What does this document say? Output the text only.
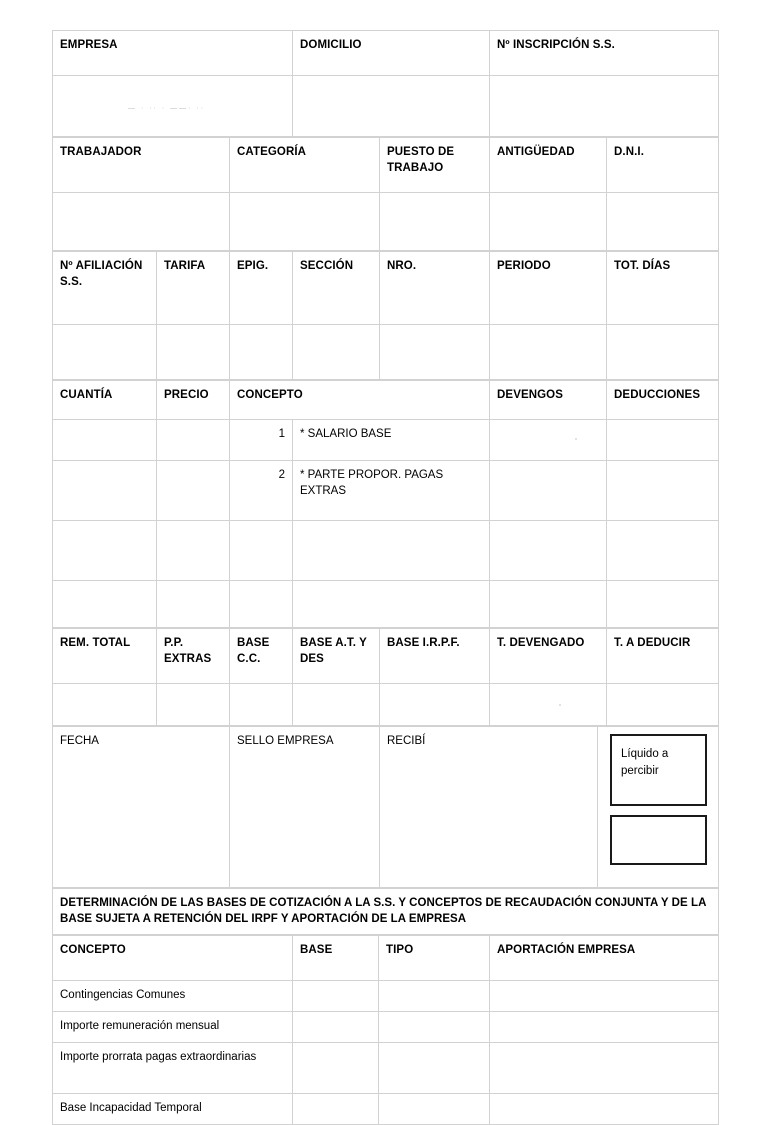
EMPRESA	DOMICILIO	Nº INSCRIPCIÓN S.S.

— · ·· · ——· ··		

TRABAJADOR	CATEGORÍA	PUESTO DE TRABAJO	ANTIGÜEDAD	D.N.I.

Nº AFILIACIÓN S.S.	TARIFA	EPIG.	SECCIÓN	NRO.	PERIODO	TOT. DÍAS

CUANTÍA	PRECIO	CONCEPTO		DEVENGOS	DEDUCCIONES
		1	* SALARIO BASE	

		2	* PARTE PROPOR. PAGAS EXTRAS		

REM. TOTAL	P.P. EXTRAS	BASE C.C.	BASE A.T. Y DES	BASE I.R.P.F.	T. DEVENGADO	T. A DEDUCIR

FECHA	SELLO EMPRESA	RECIBÍ	
Líquido a percibir
DETERMINACIÓN DE LAS BASES DE COTIZACIÓN A LA S.S. Y CONCEPTOS DE RECAUDACIÓN CONJUNTA Y DE LA BASE SUJETA A RETENCIÓN DEL IRPF Y APORTACIÓN DE LA EMPRESA
CONCEPTO	BASE	TIPO	APORTACIÓN EMPRESA
Contingencias Comunes			
Importe remuneración mensual			
Importe prorrata pagas extraordinarias			
Base Incapacidad Temporal			
